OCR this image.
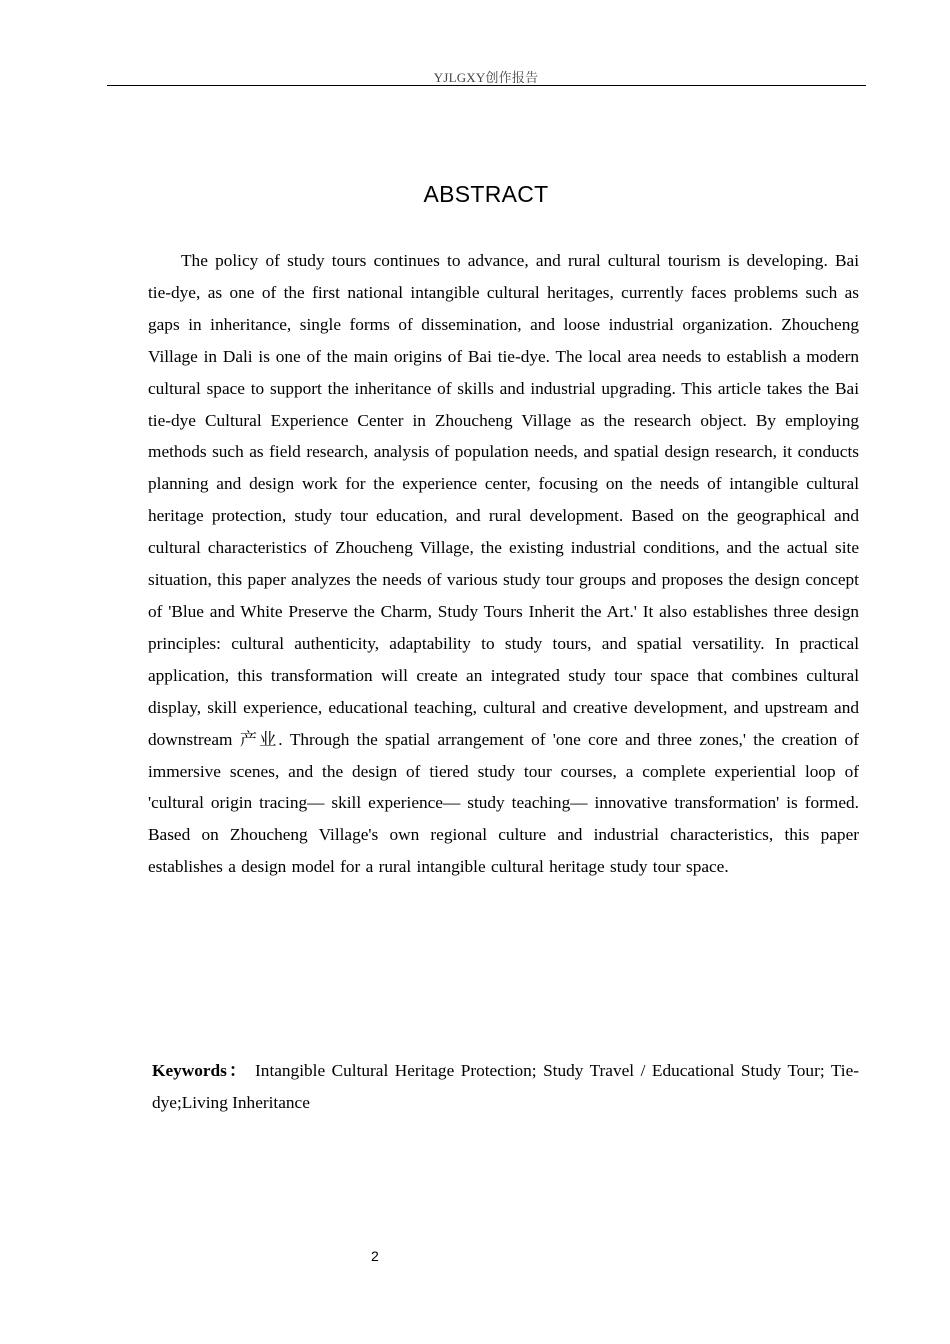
YJLGXY创作报告
ABSTRACT

The policy of study tours continues to advance, and rural cultural tourism is developing. Bai tie-dye, as one of the first national intangible cultural heritages, currently faces problems such as gaps in inheritance, single forms of dissemination, and loose industrial organization. Zhoucheng Village in Dali is one of the main origins of Bai tie-dye. The local area needs to establish a modern cultural space to support the inheritance of skills and industrial upgrading. This article takes the Bai tie-dye Cultural Experience Center in Zhoucheng Village as the research object. By employing methods such as field research, analysis of population needs, and spatial design research, it conducts planning and design work for the experience center, focusing on the needs of intangible cultural heritage protection, study tour education, and rural development. Based on the geographical and cultural characteristics of Zhoucheng Village, the existing industrial conditions, and the actual site situation, this paper analyzes the needs of various study tour groups and proposes the design concept of 'Blue and White Preserve the Charm, Study Tours Inherit the Art.' It also establishes three design principles: cultural authenticity, adaptability to study tours, and spatial versatility. In practical application, this transformation will create an integrated study tour space that combines cultural display, skill experience, educational teaching, cultural and creative development, and upstream and downstream 产业. Through the spatial arrangement of 'one core and three zones,' the creation of immersive scenes, and the design of tiered study tour courses, a complete experiential loop of 'cultural origin tracing— skill experience— study teaching— innovative transformation' is formed. Based on Zhoucheng Village's own regional culture and industrial characteristics, this paper establishes a design model for a rural intangible cultural heritage study tour space.

Keywords： Intangible Cultural Heritage Protection; Study Travel / Educational Study Tour; Tie-dye;Living Inheritance

2
